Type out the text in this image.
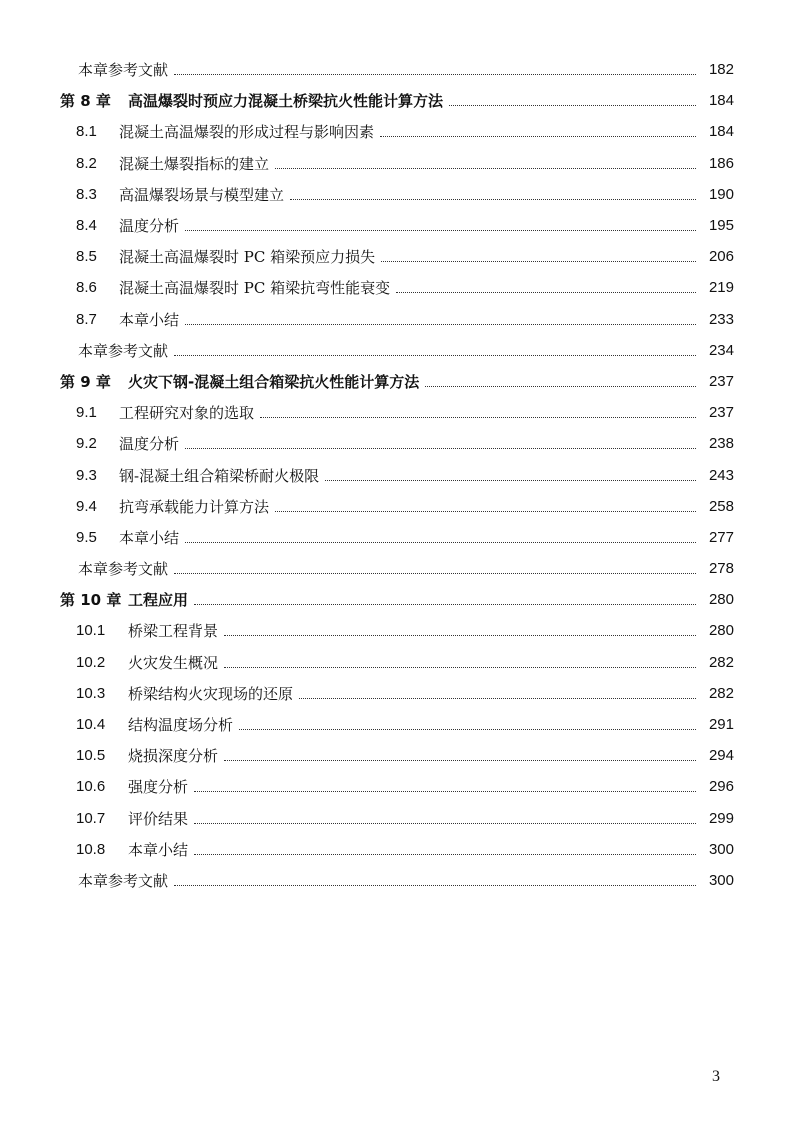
本章参考文献	182
第 8 章	高温爆裂时预应力混凝土桥梁抗火性能计算方法	184
8.1	混凝土高温爆裂的形成过程与影响因素	184
8.2	混凝土爆裂指标的建立	186
8.3	高温爆裂场景与模型建立	190
8.4	温度分析	195
8.5	混凝土高温爆裂时 PC 箱梁预应力损失	206
8.6	混凝土高温爆裂时 PC 箱梁抗弯性能衰变	219
8.7	本章小结	233
本章参考文献	234
第 9 章	火灾下钢-混凝土组合箱梁抗火性能计算方法	237
9.1	工程研究对象的选取	237
9.2	温度分析	238
9.3	钢-混凝土组合箱梁桥耐火极限	243
9.4	抗弯承载能力计算方法	258
9.5	本章小结	277
本章参考文献	278
第 10 章 工程应用	280
10.1	桥梁工程背景	280
10.2	火灾发生概况	282
10.3	桥梁结构火灾现场的还原	282
10.4	结构温度场分析	291
10.5	烧损深度分析	294
10.6	强度分析	296
10.7	评价结果	299
10.8	本章小结	300
本章参考文献	300
3
